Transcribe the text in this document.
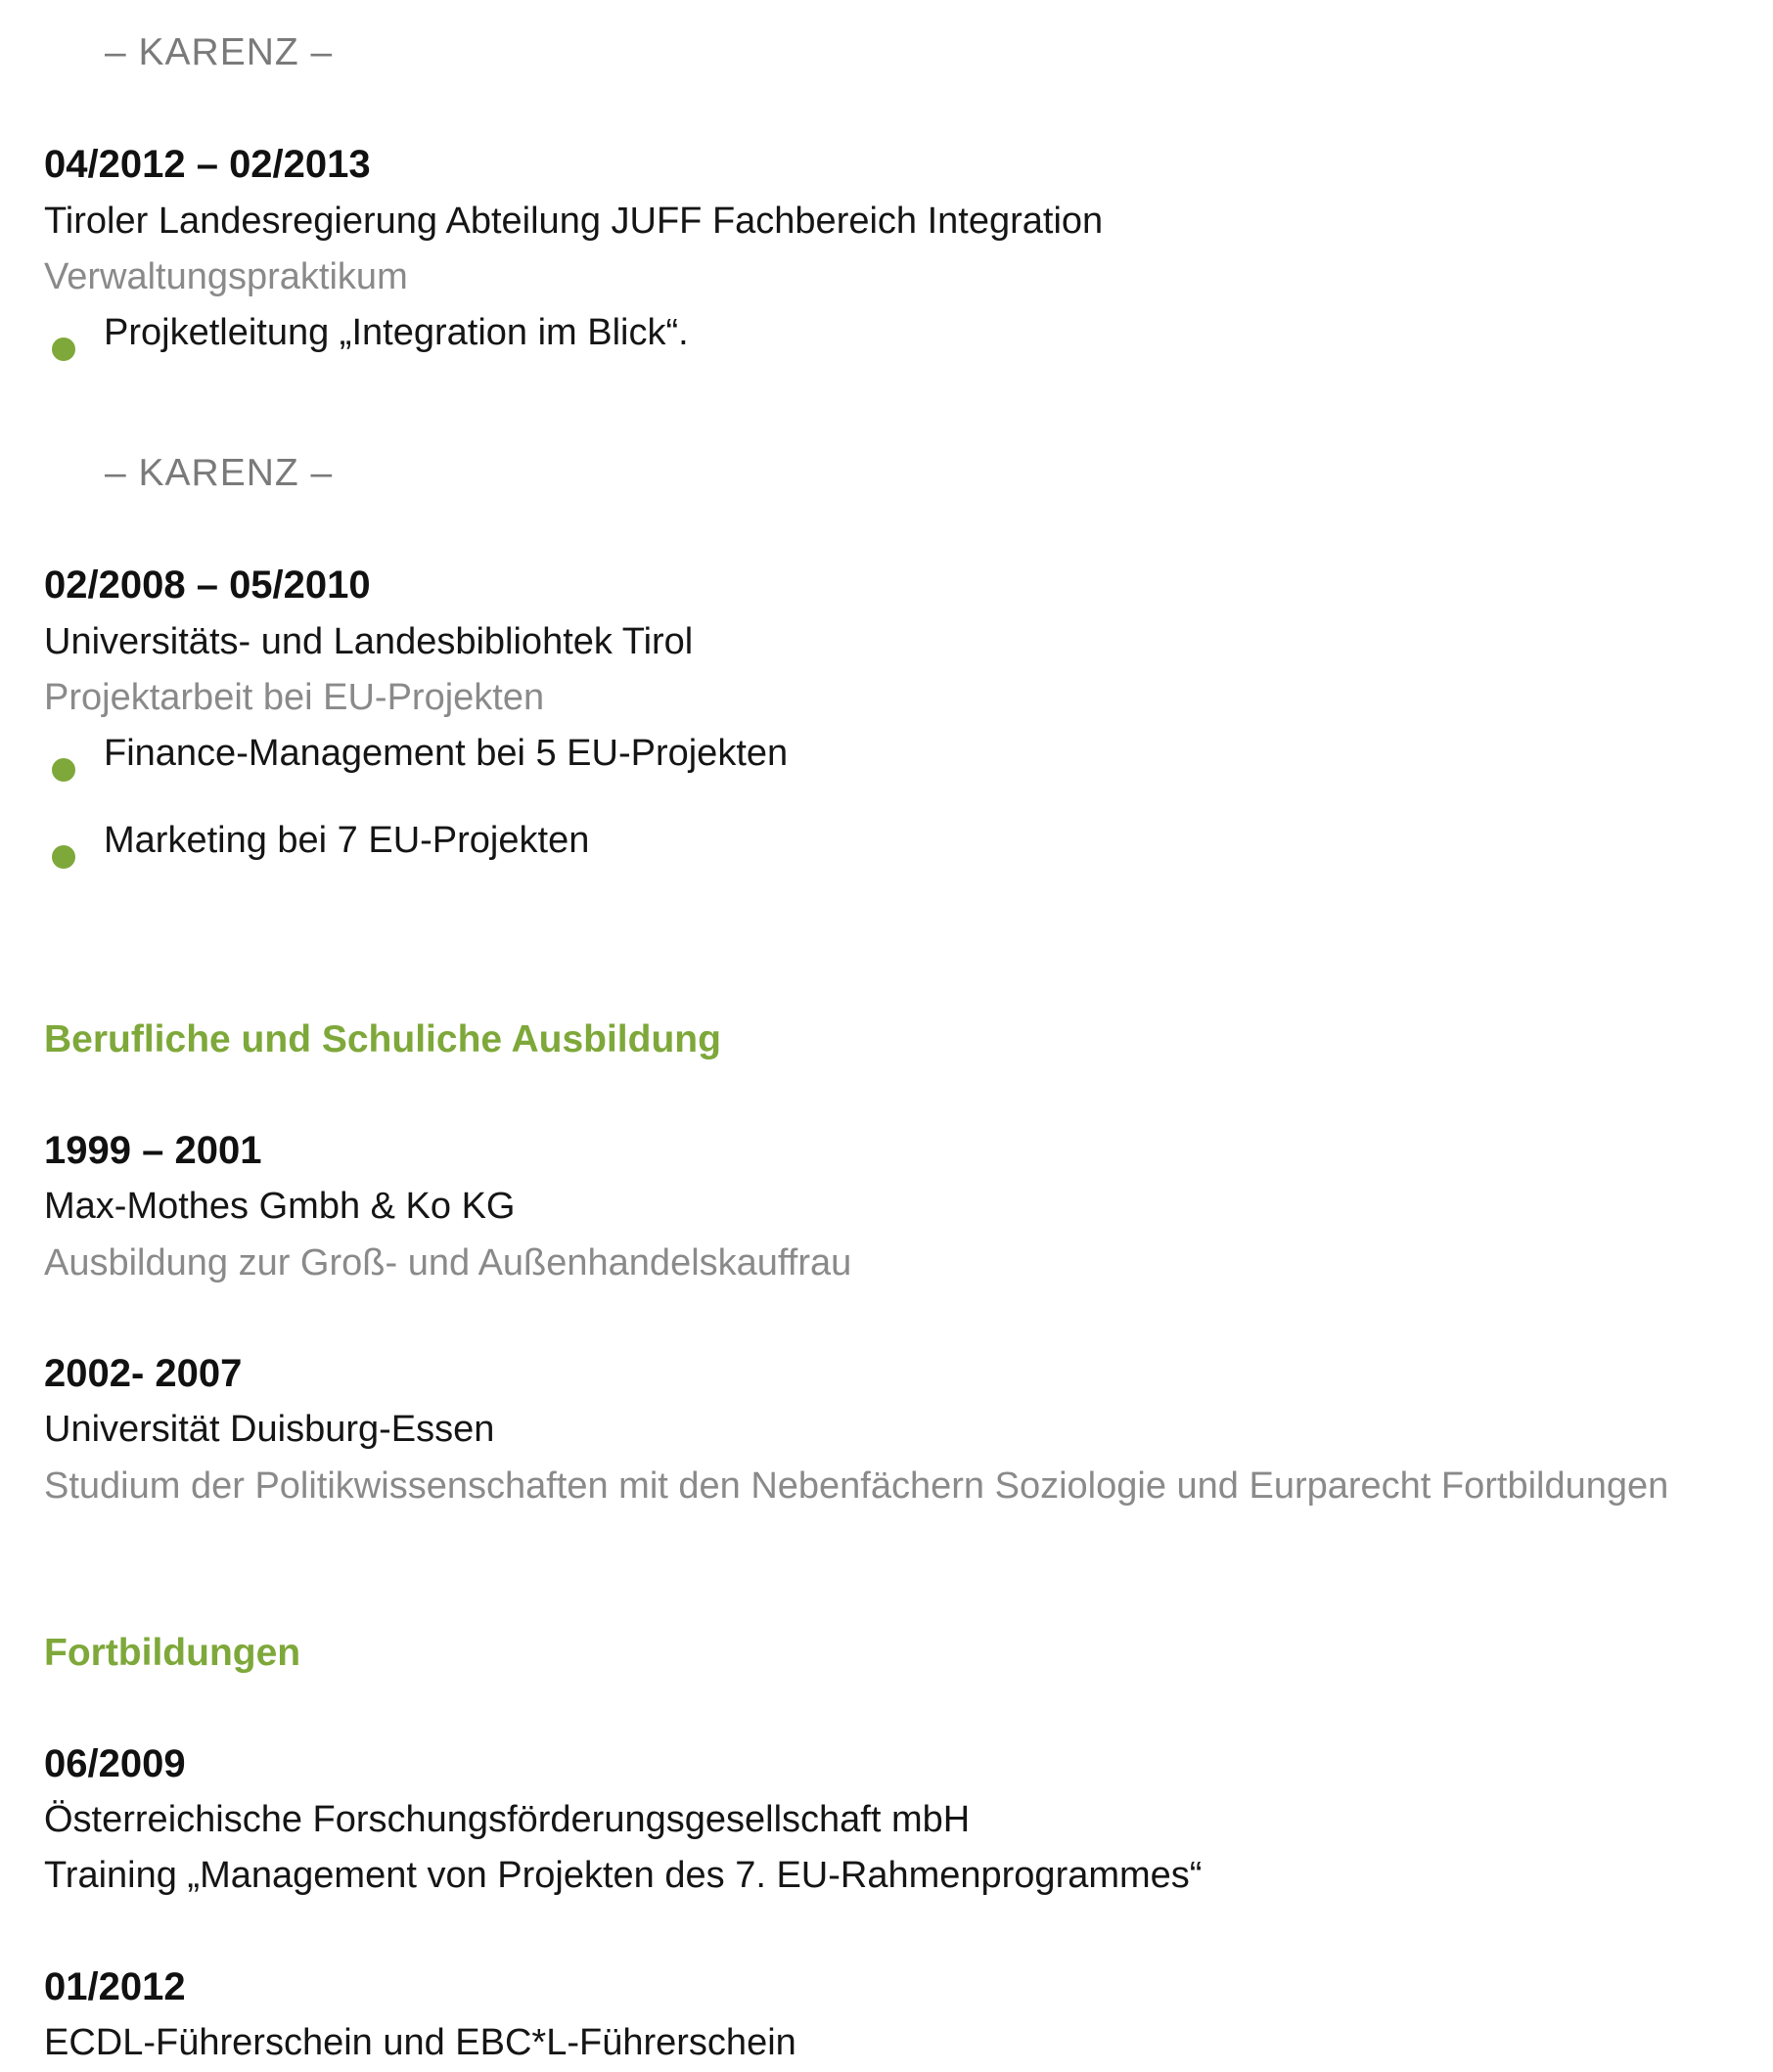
– KARENZ –
04/2012 – 02/2013
Tiroler Landesregierung Abteilung JUFF Fachbereich Integration
Verwaltungspraktikum
Projketleitung „Integration im Blick“.
– KARENZ –
02/2008 – 05/2010
Universitäts- und Landesbibliohtek Tirol
Projektarbeit bei EU-Projekten
Finance-Management bei 5 EU-Projekten
Marketing bei 7 EU-Projekten
Berufliche und Schuliche Ausbildung
1999 – 2001
Max-Mothes Gmbh & Ko KG
Ausbildung zur Groß- und Außenhandelskauffrau
2002- 2007
Universität Duisburg-Essen
Studium der Politikwissenschaften mit den Nebenfächern Soziologie und Eurparecht Fortbildungen
Fortbildungen
06/2009
Österreichische Forschungsförderungsgesellschaft mbH
Training „Management von Projekten des 7. EU-Rahmenprogrammes“
01/2012
ECDL-Führerschein und EBC*L-Führerschein
